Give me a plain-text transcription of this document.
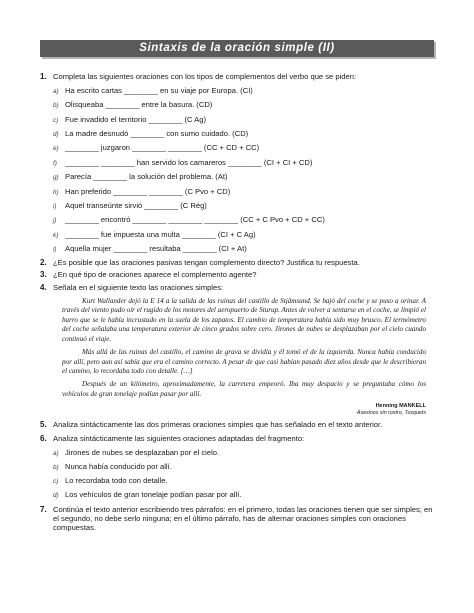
Sintaxis de la oración simple (II)
1. Completa las siguientes oraciones con los tipos de complementos del verbo que se piden:
a) Ha escrito cartas ________ en su viaje por Europa. (CI)
b) Olisqueaba ________ entre la basura. (CD)
c) Fue invadido el territorio ________ (C Ag)
d) La madre desnudó ________ con sumo cuidado. (CD)
e) ________ juzgaron ________ ________ (CC + CD + CC)
f) ________ ________ han servido los camareros ________ (CI + CI + CD)
g) Parecía ________ la solución del problema. (At)
h) Han preferido ________ ________ (C Pvo + CD)
i) Aquel transeúnte sirvió ________ (C Rég)
j) ________ encontró ________ ________ ________ (CC + C Pvo + CD + CC)
k) ________ fue impuesta una multa ________ (CI + C Ag)
l) Aquella mujer ________ resultaba ________ (CI + At)
2. ¿Es posible que las oraciones pasivas tengan complemento directo? Justifica tu respuesta.
3. ¿En qué tipo de oraciones aparece el complemento agente?
4. Señala en el siguiente texto las oraciones simples:

Kurt Wallander dejó la E 14 a la salida de las ruinas del castillo de Stjämsund. Se bajó del coche y se puso a orinar. A través del viento pudo oír el rugido de los motores del aeropuerto de Sturup. Antes de volver a sentarse en el coche, se limpió el barro que se le había incrustado en la suela de los zapatos. El cambio de temperatura había sido muy brusco. El termómetro del coche señalaba una temperatura exterior de cinco grados sobre cero. Jirones de nubes se desplazaban por el cielo cuando continuó el viaje.

Más allá de las ruinas del castillo, el camino de grava se dividía y él tomó el de la izquierda. Nunca había conducido por allí, pero aun así sabía que era el camino correcto. A pesar de que casi habían pasado diez años desde que le describieran el camino, lo recordaba todo con detalle. […]

Después de un kilómetro, aproximadamente, la carretera empeoró. Iba muy despacio y se preguntaba cómo los vehículos de gran tonelaje podían pasar por allí.

Henning MANKELL
Asesinos sin rostro, Tusquets
5. Analiza sintácticamente las dos primeras oraciones simples que has señalado en el texto anterior.
6. Analiza sintácticamente las siguientes oraciones adaptadas del fragmento:
a) Jirones de nubes se desplazaban por el cielo.
b) Nunca había conducido por allí.
c) Lo recordaba todo con detalle.
d) Los vehículos de gran tonelaje podían pasar por allí.
7. Continúa el texto anterior escribiendo tres párrafos: en el primero, todas las oraciones tienen que ser simples; en el segundo, no debe serlo ninguna; en el último párrafo, has de alternar oraciones simples con oraciones compuestas.
